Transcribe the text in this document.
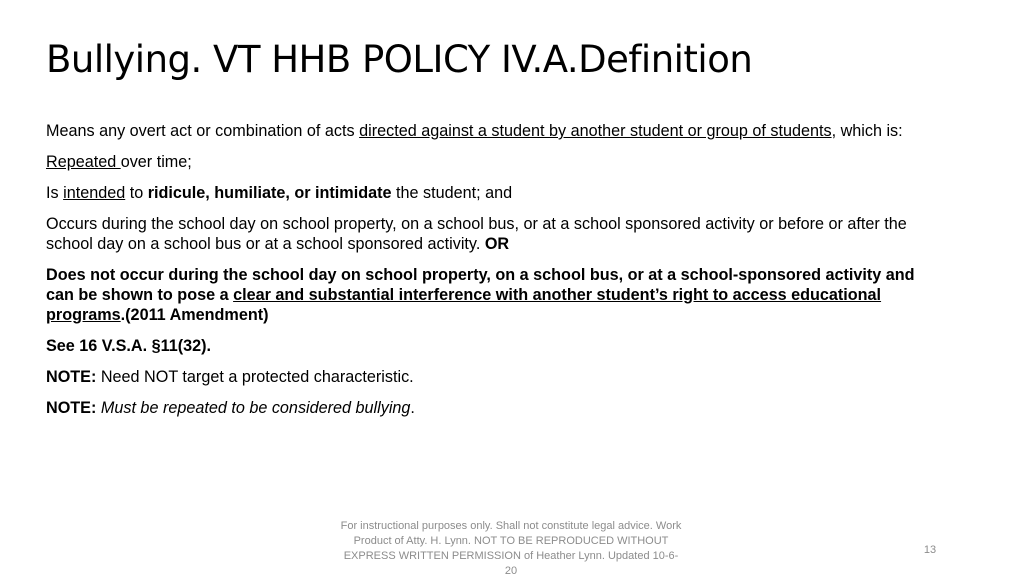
Bullying. VT HHB POLICY IV.A.Definition

Means any overt act or combination of acts directed against a student by another student or group of students, which is:

Repeated over time;

Is intended to ridicule, humiliate, or intimidate the student; and

Occurs during the school day on school property, on a school bus, or at a school sponsored activity or before or after the school day on a school bus or at a school sponsored activity. OR

Does not occur during the school day on school property, on a school bus, or at a school-sponsored activity and can be shown to pose a clear and substantial interference with another student’s right to access educational programs.(2011 Amendment)

See 16 V.S.A. §11(32).

NOTE: Need NOT target a protected characteristic.

NOTE: Must be repeated to be considered bullying.

For instructional purposes only. Shall not constitute legal advice. Work Product of Atty. H. Lynn. NOT TO BE REPRODUCED WITHOUT EXPRESS WRITTEN PERMISSION of Heather Lynn. Updated 10-6-20
13
